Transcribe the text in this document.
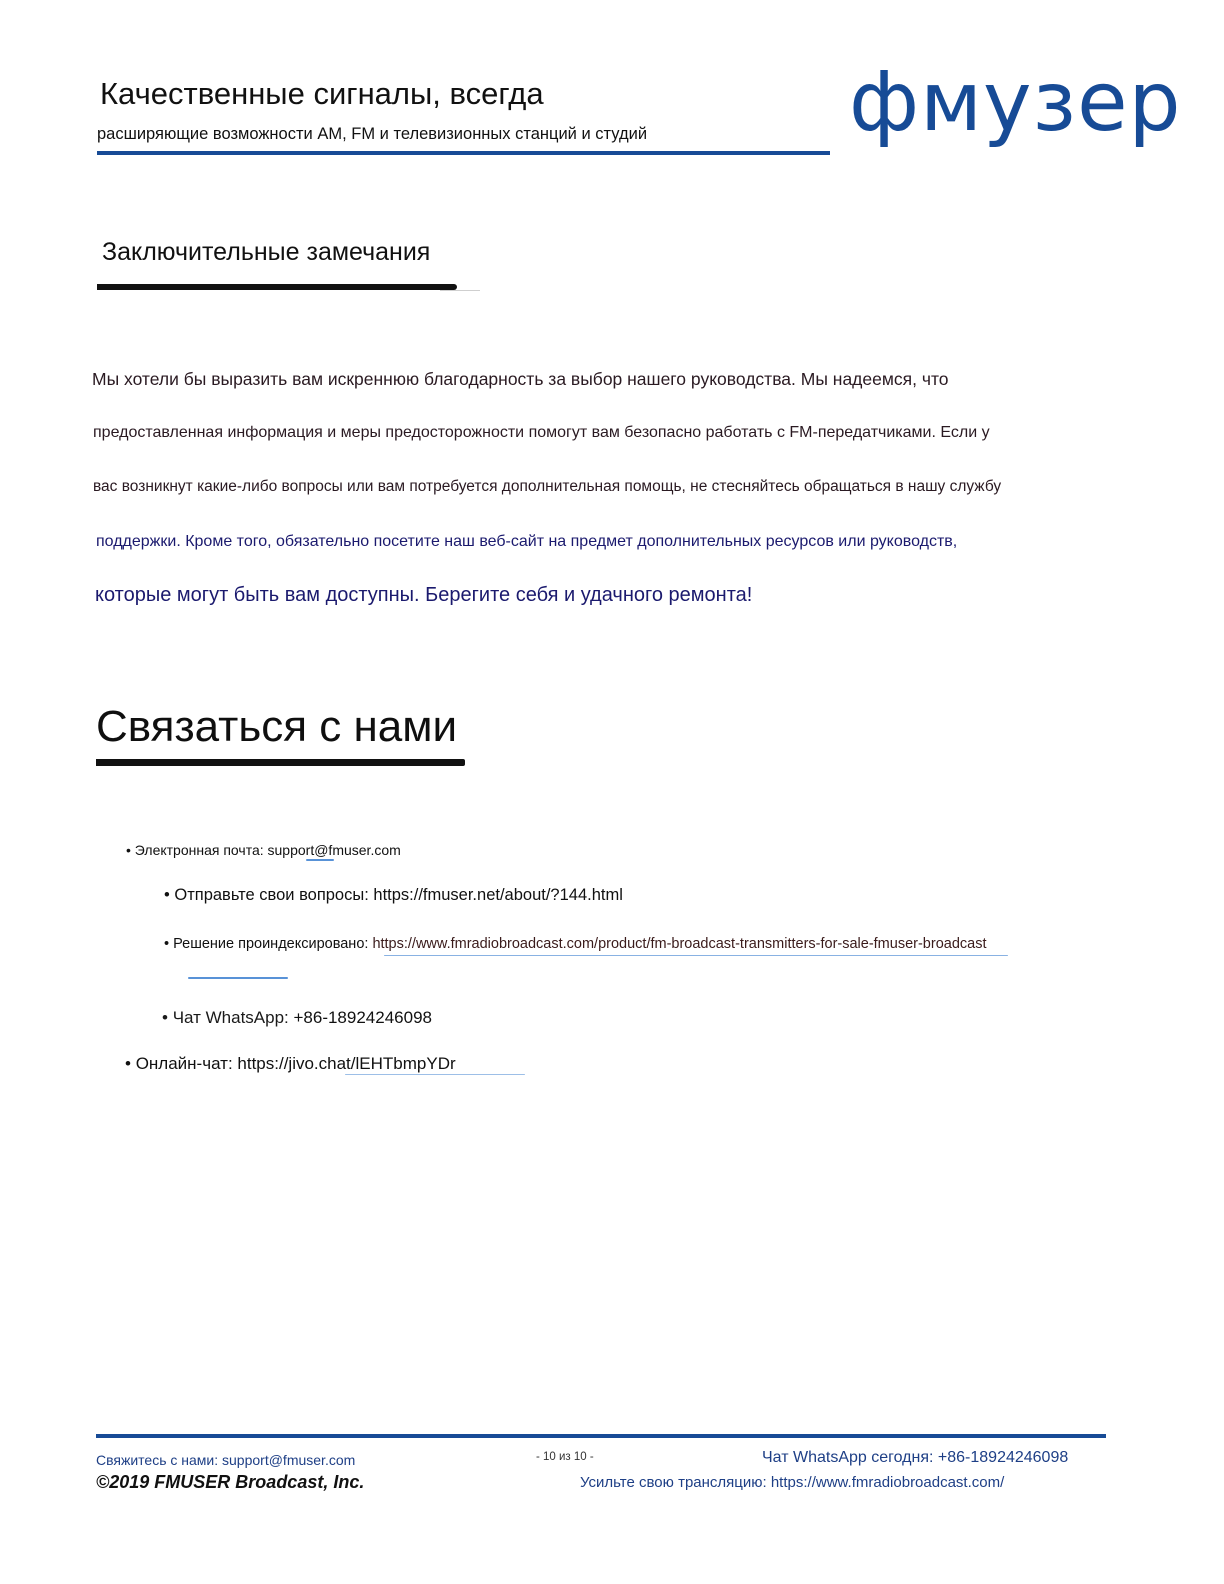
Качественные сигналы, всегда
расширяющие возможности AM, FM и телевизионных станций и студий фмузер
Заключительные замечания
Мы хотели бы выразить вам искреннюю благодарность за выбор нашего руководства. Мы надеемся, что
предоставленная информация и меры предосторожности помогут вам безопасно работать с FM-передатчиками. Если у
вас возникнут какие-либо вопросы или вам потребуется дополнительная помощь, не стесняйтесь обращаться в нашу службу
поддержки. Кроме того, обязательно посетите наш веб-сайт на предмет дополнительных ресурсов или руководств,
которые могут быть вам доступны. Берегите себя и удачного ремонта!
Связаться с нами
• Электронная почта: support@fmuser.com
• Отправьте свои вопросы: https://fmuser.net/about/?144.html
• Решение проиндексировано: https://www.fmradiobroadcast.com/product/fm-broadcast-transmitters-for-sale-fmuser-broadcast
• Чат WhatsApp: +86-18924246098
• Онлайн-чат: https://jivo.chat/lEHTbmpYDr
Свяжитесь с нами: support@fmuser.com
©2019 FMUSER Broadcast, Inc.
- 10 из 10 -	Чат WhatsApp сегодня: +86-18924246098
Усильте свою трансляцию: https://www.fmradiobroadcast.com/
